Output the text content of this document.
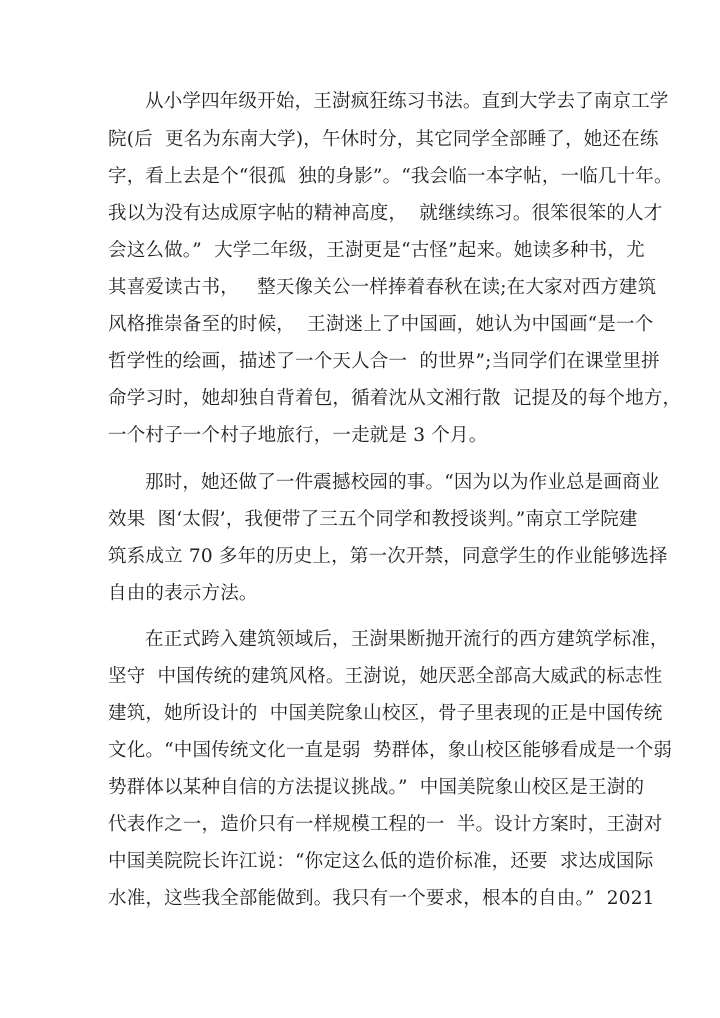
从小学四年级开始，王澍疯狂练习书法。直到大学去了南京工学
院(后  更名为东南大学)，午休时分，其它同学全部睡了，她还在练
字，看上去是个“很孤  独的身影”。“我会临一本字帖，一临几十年。
我以为没有达成原字帖的精神高度，  就继续练习。很笨很笨的人才
会这么做。”  大学二年级，王澍更是“古怪”起来。她读多种书，尤
其喜爱读古书，   整天像关公一样捧着春秋在读;在大家对西方建筑
风格推崇备至的时候，  王澍迷上了中国画，她认为中国画“是一个
哲学性的绘画，描述了一个天人合一  的世界”;当同学们在课堂里拼
命学习时，她却独自背着包，循着沈从文湘行散  记提及的每个地方，
一个村子一个村子地旅行，一走就是 3 个月。
那时，她还做了一件震撼校园的事。“因为以为作业总是画商业
效果  图‘太假’，我便带了三五个同学和教授谈判。”南京工学院建
筑系成立 70 多年的历史上，第一次开禁，同意学生的作业能够选择
自由的表示方法。
在正式跨入建筑领域后，王澍果断抛开流行的西方建筑学标准，
坚守  中国传统的建筑风格。王澍说，她厌恶全部高大威武的标志性
建筑，她所设计的  中国美院象山校区，骨子里表现的正是中国传统
文化。“中国传统文化一直是弱  势群体，象山校区能够看成是一个弱
势群体以某种自信的方法提议挑战。”  中国美院象山校区是王澍的
代表作之一，造价只有一样规模工程的一  半。设计方案时，王澍对
中国美院院长许江说：“你定这么低的造价标准，还要  求达成国际
水准，这些我全部能做到。我只有一个要求，根本的自由。”  2021
